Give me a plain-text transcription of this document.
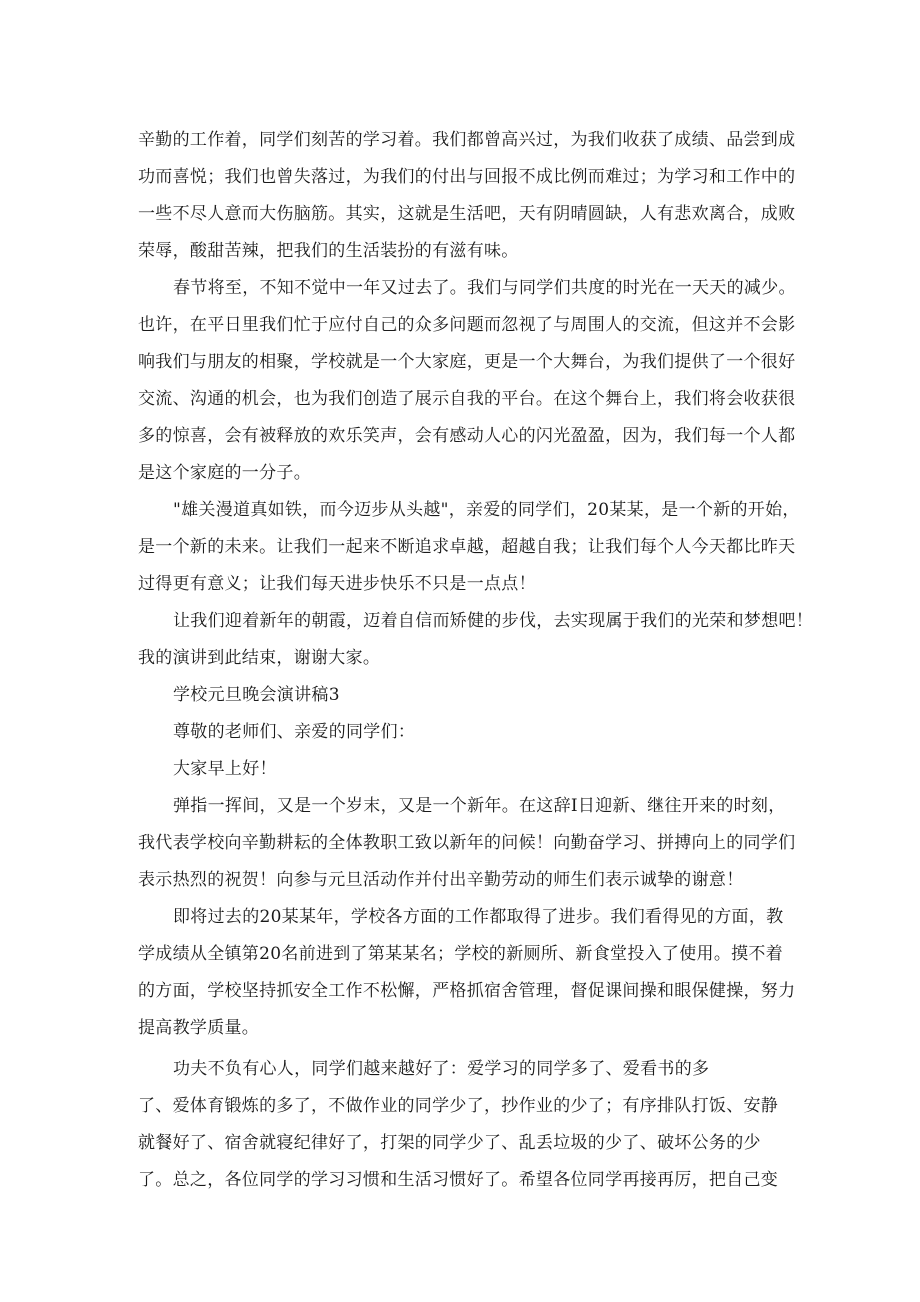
辛勤的工作着，同学们刻苦的学习着。我们都曾高兴过，为我们收获了成绩、品尝到成
功而喜悦；我们也曾失落过，为我们的付出与回报不成比例而难过；为学习和工作中的
一些不尽人意而大伤脑筋。其实，这就是生活吧，天有阴晴圆缺，人有悲欢离合，成败
荣辱，酸甜苦辣，把我们的生活装扮的有滋有味。
春节将至，不知不觉中一年又过去了。我们与同学们共度的时光在一天天的减少。
也许，在平日里我们忙于应付自己的众多问题而忽视了与周围人的交流，但这并不会影
响我们与朋友的相聚，学校就是一个大家庭，更是一个大舞台，为我们提供了一个很好
交流、沟通的机会，也为我们创造了展示自我的平台。在这个舞台上，我们将会收获很
多的惊喜，会有被释放的欢乐笑声，会有感动人心的闪光盈盈，因为，我们每一个人都
是这个家庭的一分子。
"雄关漫道真如铁，而今迈步从头越"，亲爱的同学们，20某某，是一个新的开始，
是一个新的未来。让我们一起来不断追求卓越，超越自我；让我们每个人今天都比昨天
过得更有意义；让我们每天进步快乐不只是一点点！
让我们迎着新年的朝霞，迈着自信而矫健的步伐，去实现属于我们的光荣和梦想吧！
我的演讲到此结束，谢谢大家。
学校元旦晚会演讲稿3
尊敬的老师们、亲爱的同学们：
大家早上好！
弹指一挥间，又是一个岁末，又是一个新年。在这辞Ⅰ日迎新、继往开来的时刻，
我代表学校向辛勤耕耘的全体教职工致以新年的问候！向勤奋学习、拼搏向上的同学们
表示热烈的祝贺！向参与元旦活动作并付出辛勤劳动的师生们表示诚挚的谢意！
即将过去的20某某年，学校各方面的工作都取得了进步。我们看得见的方面，教
学成绩从全镇第20名前进到了第某某名；学校的新厕所、新食堂投入了使用。摸不着
的方面，学校坚持抓安全工作不松懈，严格抓宿舍管理，督促课间操和眼保健操，努力
提高教学质量。
功夫不负有心人，同学们越来越好了：爱学习的同学多了、爱看书的多
了、爱体育锻炼的多了，不做作业的同学少了，抄作业的少了；有序排队打饭、安静
就餐好了、宿舍就寝纪律好了，打架的同学少了、乱丢垃圾的少了、破坏公务的少
了。总之，各位同学的学习习惯和生活习惯好了。希望各位同学再接再厉，把自己变
